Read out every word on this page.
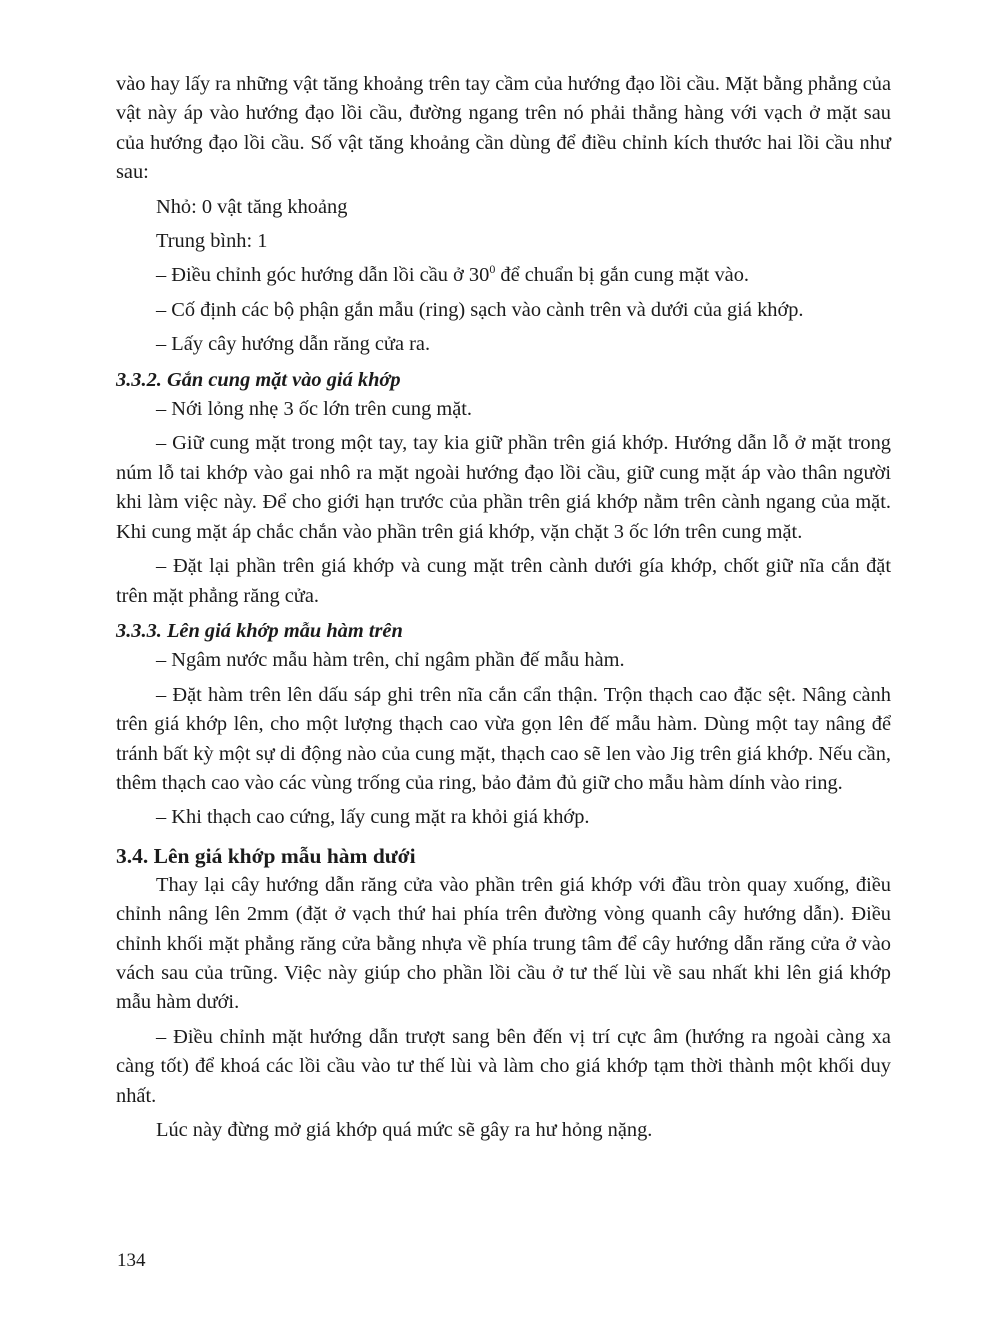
vào hay lấy ra những vật tăng khoảng trên tay cầm của hướng đạo lồi cầu. Mặt bằng phẳng của vật này áp vào hướng đạo lồi cầu, đường ngang trên nó phải thẳng hàng với vạch ở mặt sau của hướng đạo lồi cầu. Số vật tăng khoảng cần dùng để điều chỉnh kích thước hai lồi cầu như sau:

Nhỏ: 0 vật tăng khoảng

Trung bình: 1

– Điều chỉnh góc hướng dẫn lồi cầu ở $30^0$ để chuẩn bị gắn cung mặt vào.

– Cố định các bộ phận gắn mẫu (ring) sạch vào cành trên và dưới của giá khớp.

– Lấy cây hướng dẫn răng cửa ra.

3.3.2. Gắn cung mặt vào giá khớp

– Nới lỏng nhẹ 3 ốc lớn trên cung mặt.

– Giữ cung mặt trong một tay, tay kia giữ phần trên giá khớp. Hướng dẫn lỗ ở mặt trong núm lỗ tai khớp vào gai nhô ra mặt ngoài hướng đạo lồi cầu, giữ cung mặt áp vào thân người khi làm việc này. Để cho giới hạn trước của phần trên giá khớp nằm trên cành ngang của mặt. Khi cung mặt áp chắc chắn vào phần trên giá khớp, vặn chặt 3 ốc lớn trên cung mặt.

– Đặt lại phần trên giá khớp và cung mặt trên cành dưới gía khớp, chốt giữ nĩa cắn đặt trên mặt phẳng răng cửa.

3.3.3. Lên giá khớp mẫu hàm trên

– Ngâm nước mẫu hàm trên, chỉ ngâm phần đế mẫu hàm.

– Đặt hàm trên lên dấu sáp ghi trên nĩa cắn cẩn thận. Trộn thạch cao đặc sệt. Nâng cành trên giá khớp lên, cho một lượng thạch cao vừa gọn lên đế mẫu hàm. Dùng một tay nâng để tránh bất kỳ một sự di động nào của cung mặt, thạch cao sẽ len vào Jig trên giá khớp. Nếu cần, thêm thạch cao vào các vùng trống của ring, bảo đảm đủ giữ cho mẫu hàm dính vào ring.

– Khi thạch cao cứng, lấy cung mặt ra khỏi giá khớp.

3.4. Lên giá khớp mẫu hàm dưới

Thay lại cây hướng dẫn răng cửa vào phần trên giá khớp với đầu tròn quay xuống, điều chỉnh nâng lên 2mm (đặt ở vạch thứ hai phía trên đường vòng quanh cây hướng dẫn). Điều chỉnh khối mặt phẳng răng cửa bằng nhựa về phía trung tâm để cây hướng dẫn răng cửa ở vào vách sau của trũng. Việc này giúp cho phần lồi cầu ở tư thế lùi về sau nhất khi lên giá khớp mẫu hàm dưới.

– Điều chỉnh mặt hướng dẫn trượt sang bên đến vị trí cực âm (hướng ra ngoài càng xa càng tốt) để khoá các lồi cầu vào tư thế lùi và làm cho giá khớp tạm thời thành một khối duy nhất.

Lúc này đừng mở giá khớp quá mức sẽ gây ra hư hỏng nặng.

134
